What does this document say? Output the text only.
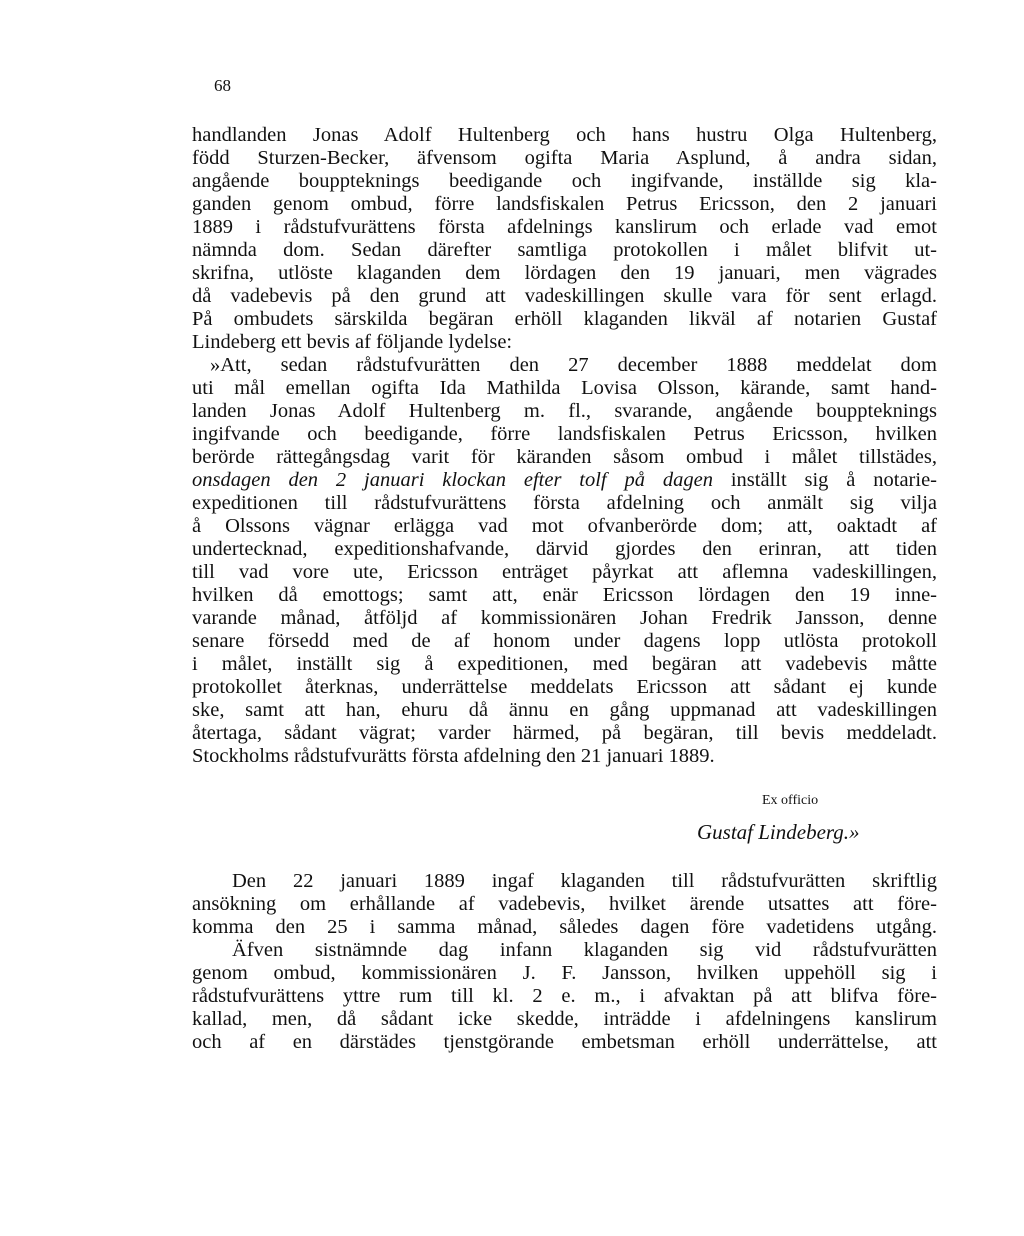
68
handlanden Jonas Adolf Hultenberg och hans hustru Olga Hultenberg,
född Sturzen-Becker, äfvensom ogifta Maria Asplund, å andra sidan,
angående bouppteknings beedigande och ingifvande, inställde sig kla-
ganden genom ombud, förre landsfiskalen Petrus Ericsson, den 2 januari
1889 i rådstufvurättens första afdelnings kanslirum och erlade vad emot
nämnda dom. Sedan därefter samtliga protokollen i målet blifvit ut-
skrifna, utlöste klaganden dem lördagen den 19 januari, men vägrades
då vadebevis på den grund att vadeskillingen skulle vara för sent erlagd.
På ombudets särskilda begäran erhöll klaganden likväl af notarien Gustaf
Lindeberg ett bevis af följande lydelse:
»Att, sedan rådstufvurätten den 27 december 1888 meddelat dom
uti mål emellan ogifta Ida Mathilda Lovisa Olsson, kärande, samt hand-
landen Jonas Adolf Hultenberg m. fl., svarande, angående bouppteknings
ingifvande och beedigande, förre landsfiskalen Petrus Ericsson, hvilken
berörde rättegångsdag varit för käranden såsom ombud i målet tillstädes,
onsdagen den 2 januari klockan efter tolf på dagen inställt sig å notarie-
expeditionen till rådstufvurättens första afdelning och anmält sig vilja
å Olssons vägnar erlägga vad mot ofvanberörde dom; att, oaktadt af
undertecknad, expeditionshafvande, därvid gjordes den erinran, att tiden
till vad vore ute, Ericsson enträget påyrkat att aflemna vadeskillingen,
hvilken då emottogs; samt att, enär Ericsson lördagen den 19 inne-
varande månad, åtföljd af kommissionären Johan Fredrik Jansson, denne
senare försedd med de af honom under dagens lopp utlösta protokoll
i målet, inställt sig å expeditionen, med begäran att vadebevis måtte
protokollet återknas, underrättelse meddelats Ericsson att sådant ej kunde
ske, samt att han, ehuru då ännu en gång uppmanad att vadeskillingen
återtaga, sådant vägrat; varder härmed, på begäran, till bevis meddeladt.
Stockholms rådstufvurätts första afdelning den 21 januari 1889.
Ex officio
Gustaf Lindeberg.»
Den 22 januari 1889 ingaf klaganden till rådstufvurätten skriftlig
ansökning om erhållande af vadebevis, hvilket ärende utsattes att före-
komma den 25 i samma månad, således dagen före vadetidens utgång.
Äfven sistnämnde dag infann klaganden sig vid rådstufvurätten
genom ombud, kommissionären J. F. Jansson, hvilken uppehöll sig i
rådstufvurättens yttre rum till kl. 2 e. m., i afvaktan på att blifva före-
kallad, men, då sådant icke skedde, inträdde i afdelningens kanslirum
och af en därstädes tjenstgörande embetsman erhöll underrättelse, att
